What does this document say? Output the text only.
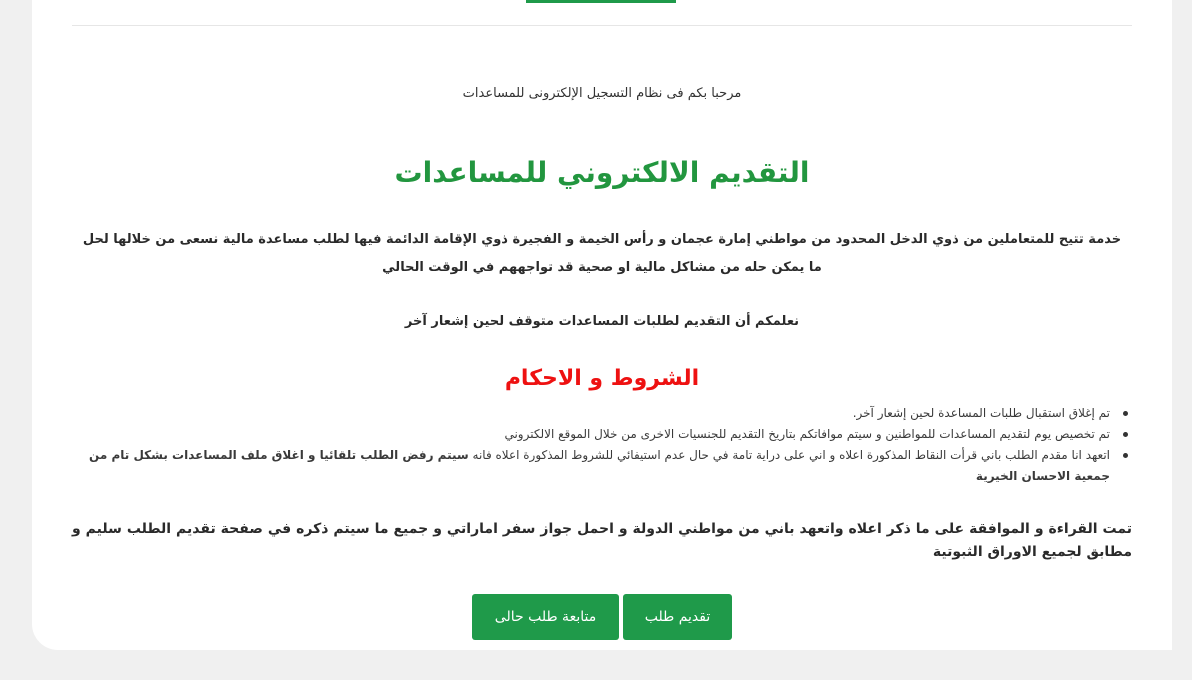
مرحبا بكم فى نظام التسجيل الإلكترونى للمساعدات
التقديم الالكتروني للمساعدات
خدمة تتيح للمتعاملين من ذوي الدخل المحدود من مواطني إمارة عجمان و رأس الخيمة و الفجيرة ذوي الإقامة الدائمة فيها لطلب مساعدة مالية نسعى من خلالها لحل ما يمكن حله من مشاكل مالية او صحية قد تواجههم في الوقت الحالي
نعلمكم أن التقديم لطلبات المساعدات متوقف لحين إشعار آخر
الشروط و الاحكام
تم إغلاق استقبال طلبات المساعدة لحين إشعار آخر.
تم تخصيص يوم لتقديم المساعدات للمواطنين و سيتم موافاتكم بتاريخ التقديم للجنسيات الاخرى من خلال الموقع الالكتروني
اتعهد انا مقدم الطلب باني قرأت النقاط المذكورة اعلاه و اني على دراية تامة في حال عدم استيفائي للشروط المذكورة اعلاه فانه سيتم رفض الطلب تلقائيا و اغلاق ملف المساعدات بشكل تام من جمعية الاحسان الخيرية
تمت القراءة و الموافقة على ما ذكر اعلاه واتعهد باني من مواطني الدولة و احمل جواز سفر اماراتي و جميع ما سيتم ذكره في صفحة تقديم الطلب سليم و مطابق لجميع الاوراق الثبوتية
تقديم طلب
متابعة طلب حالى
